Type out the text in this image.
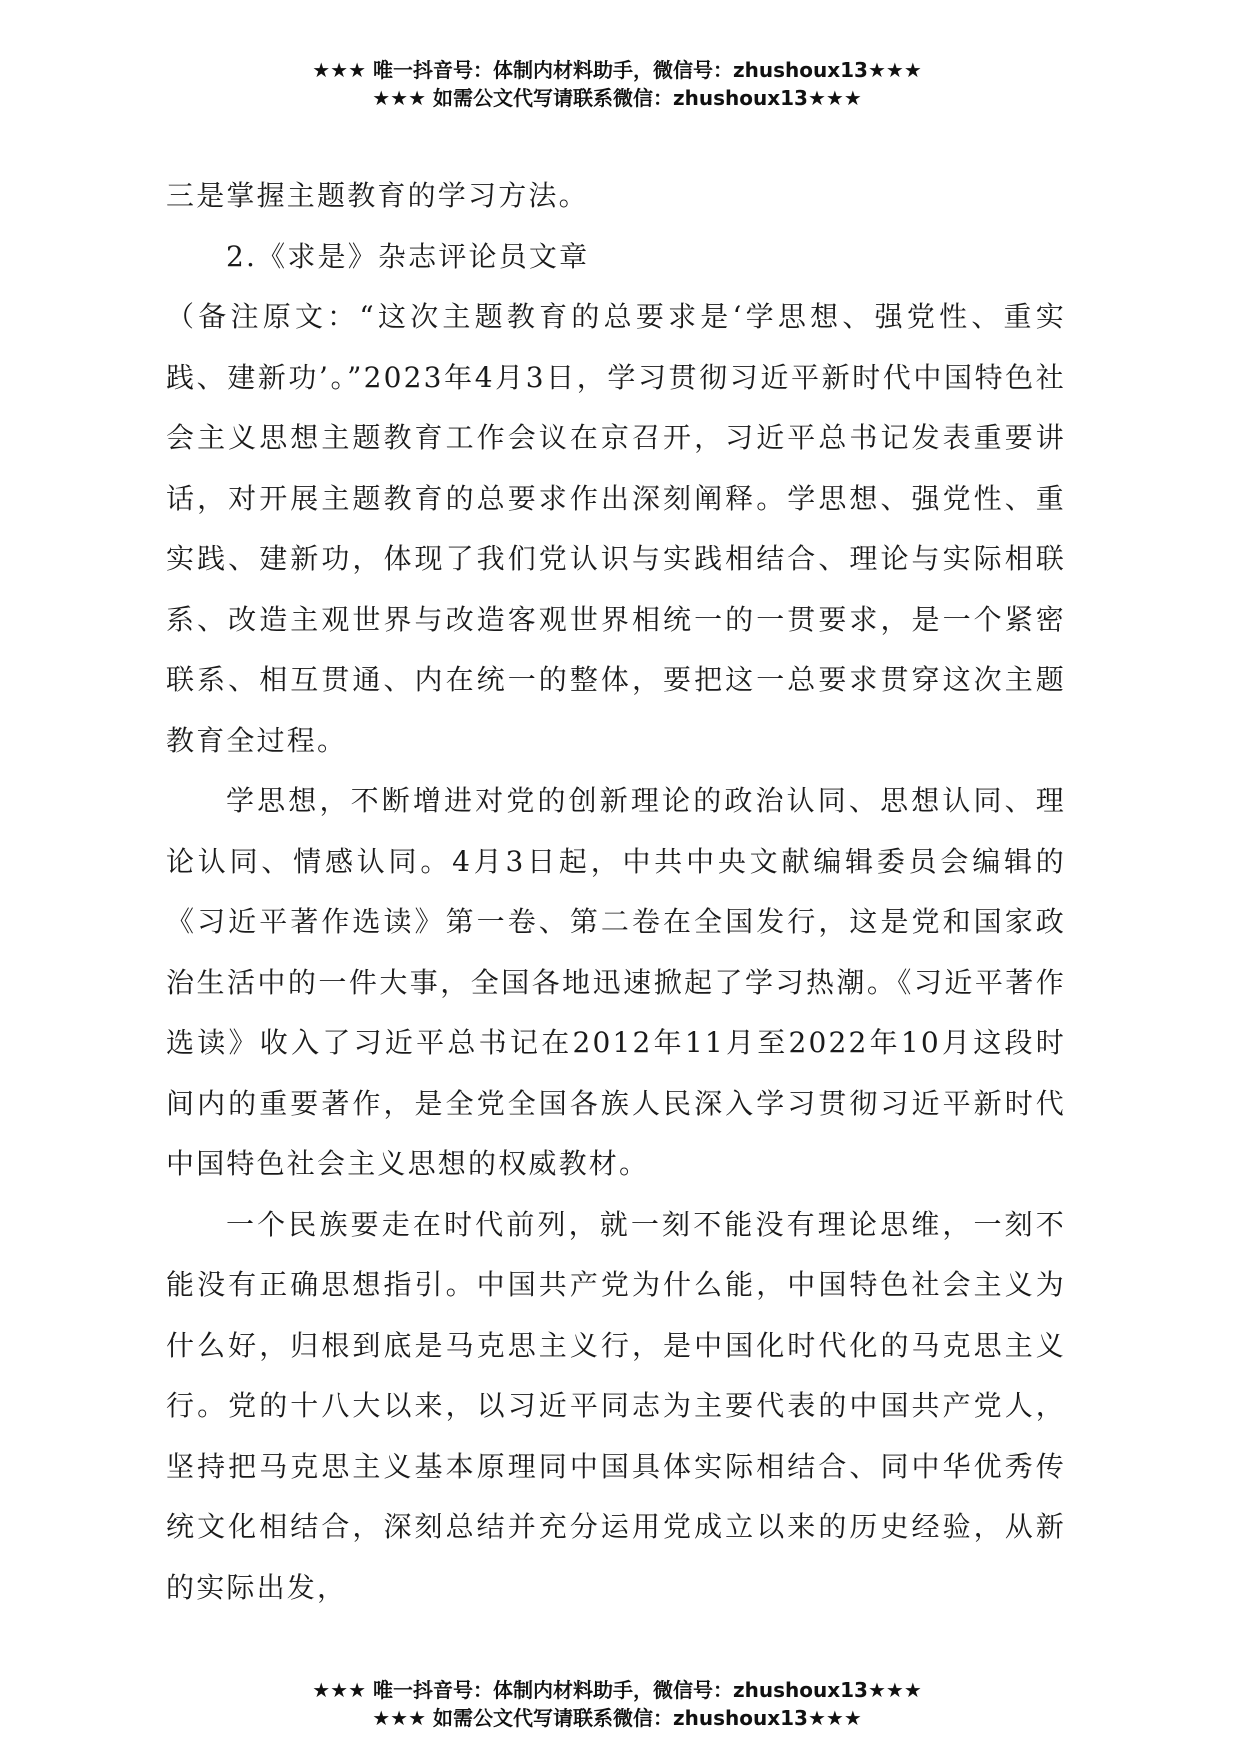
★★★ 唯一抖音号：体制内材料助手，微信号：zhushoux13★★★
★★★ 如需公文代写请联系微信：zhushoux13★★★

三是掌握主题教育的学习方法。

2.《求是》杂志评论员文章

（备注原文：“这次主题教育的总要求是‘学思想、强党性、重实践、建新功’。”2023年4月3日，学习贯彻习近平新时代中国特色社会主义思想主题教育工作会议在京召开，习近平总书记发表重要讲话，对开展主题教育的总要求作出深刻阐释。学思想、强党性、重实践、建新功，体现了我们党认识与实践相结合、理论与实际相联系、改造主观世界与改造客观世界相统一的一贯要求，是一个紧密联系、相互贯通、内在统一的整体，要把这一总要求贯穿这次主题教育全过程。

学思想，不断增进对党的创新理论的政治认同、思想认同、理论认同、情感认同。4月3日起，中共中央文献编辑委员会编辑的《习近平著作选读》第一卷、第二卷在全国发行，这是党和国家政治生活中的一件大事，全国各地迅速掀起了学习热潮。《习近平著作选读》收入了习近平总书记在2012年11月至2022年10月这段时间内的重要著作，是全党全国各族人民深入学习贯彻习近平新时代中国特色社会主义思想的权威教材。

一个民族要走在时代前列，就一刻不能没有理论思维，一刻不能没有正确思想指引。中国共产党为什么能，中国特色社会主义为什么好，归根到底是马克思主义行，是中国化时代化的马克思主义行。党的十八大以来，以习近平同志为主要代表的中国共产党人，坚持把马克思主义基本原理同中国具体实际相结合、同中华优秀传统文化相结合，深刻总结并充分运用党成立以来的历史经验，从新的实际出发，

★★★ 唯一抖音号：体制内材料助手，微信号：zhushoux13★★★
★★★ 如需公文代写请联系微信：zhushoux13★★★
